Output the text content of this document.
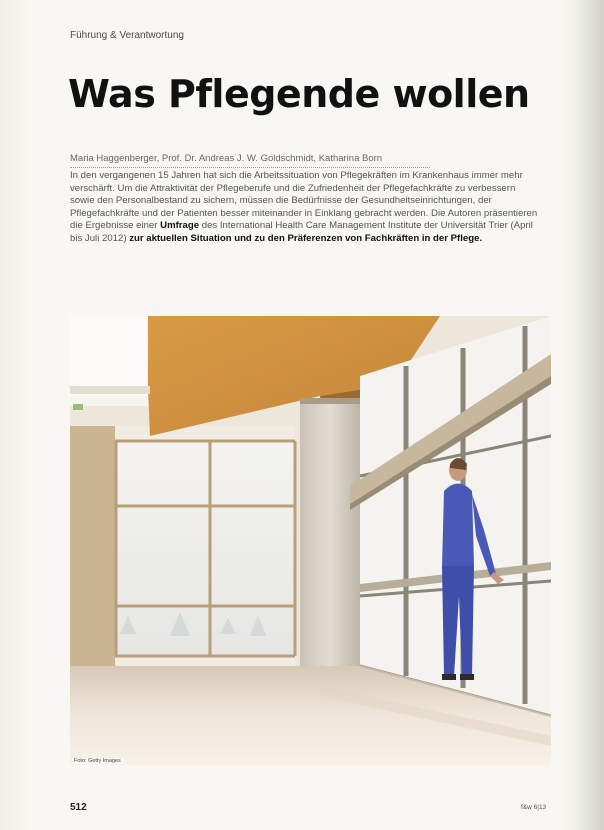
Führung & Verantwortung
Was Pflegende wollen
Maria Haggenberger, Prof. Dr. Andreas J. W. Goldschmidt, Katharina Born

In den vergangenen 15 Jahren hat sich die Arbeitssituation von Pflegekräften im Krankenhaus immer mehr verschärft. Um die Attraktivität der Pflegeberufe und die Zufriedenheit der Pflegefachkräfte zu verbessern sowie den Personalbestand zu sichern, müssen die Bedürfnisse der Gesundheitseinrichtungen, der Pflegefachkräfte und der Patienten besser miteinander in Einklang gebracht werden. Die Autoren präsentieren die Ergebnisse einer Umfrage des International Health Care Management Institute der Universität Trier (April bis Juli 2012) zur aktuellen Situation und zu den Präferenzen von Fachkräften in der Pflege.

Foto: Getty Images
512	f&w 6|13
